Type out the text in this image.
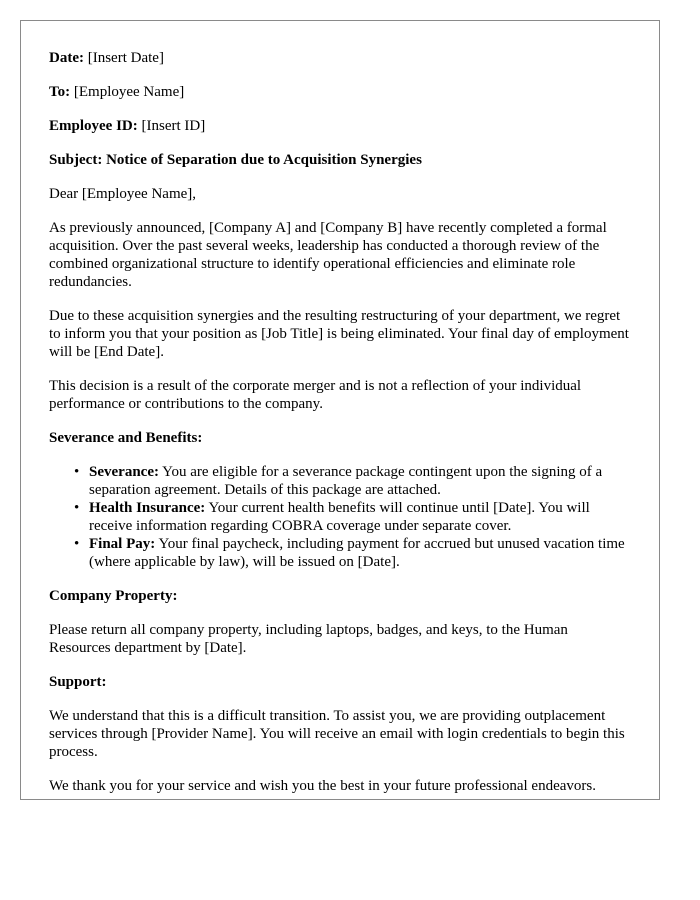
Date: [Insert Date]
To: [Employee Name]
Employee ID: [Insert ID]
Subject: Notice of Separation due to Acquisition Synergies

Dear [Employee Name],

As previously announced, [Company A] and [Company B] have recently completed a formal acquisition. Over the past several weeks, leadership has conducted a thorough review of the combined organizational structure to identify operational efficiencies and eliminate role redundancies.

Due to these acquisition synergies and the resulting restructuring of your department, we regret to inform you that your position as [Job Title] is being eliminated. Your final day of employment will be [End Date].

This decision is a result of the corporate merger and is not a reflection of your individual performance or contributions to the company.

Severance and Benefits:
• Severance: You are eligible for a severance package contingent upon the signing of a separation agreement. Details of this package are attached.
• Health Insurance: Your current health benefits will continue until [Date]. You will receive information regarding COBRA coverage under separate cover.
• Final Pay: Your final paycheck, including payment for accrued but unused vacation time (where applicable by law), will be issued on [Date].
Company Property:

Please return all company property, including laptops, badges, and keys, to the Human Resources department by [Date].

Support:

We understand that this is a difficult transition. To assist you, we are providing outplacement services through [Provider Name]. You will receive an email with login credentials to begin this process.

We thank you for your service and wish you the best in your future professional endeavors.
